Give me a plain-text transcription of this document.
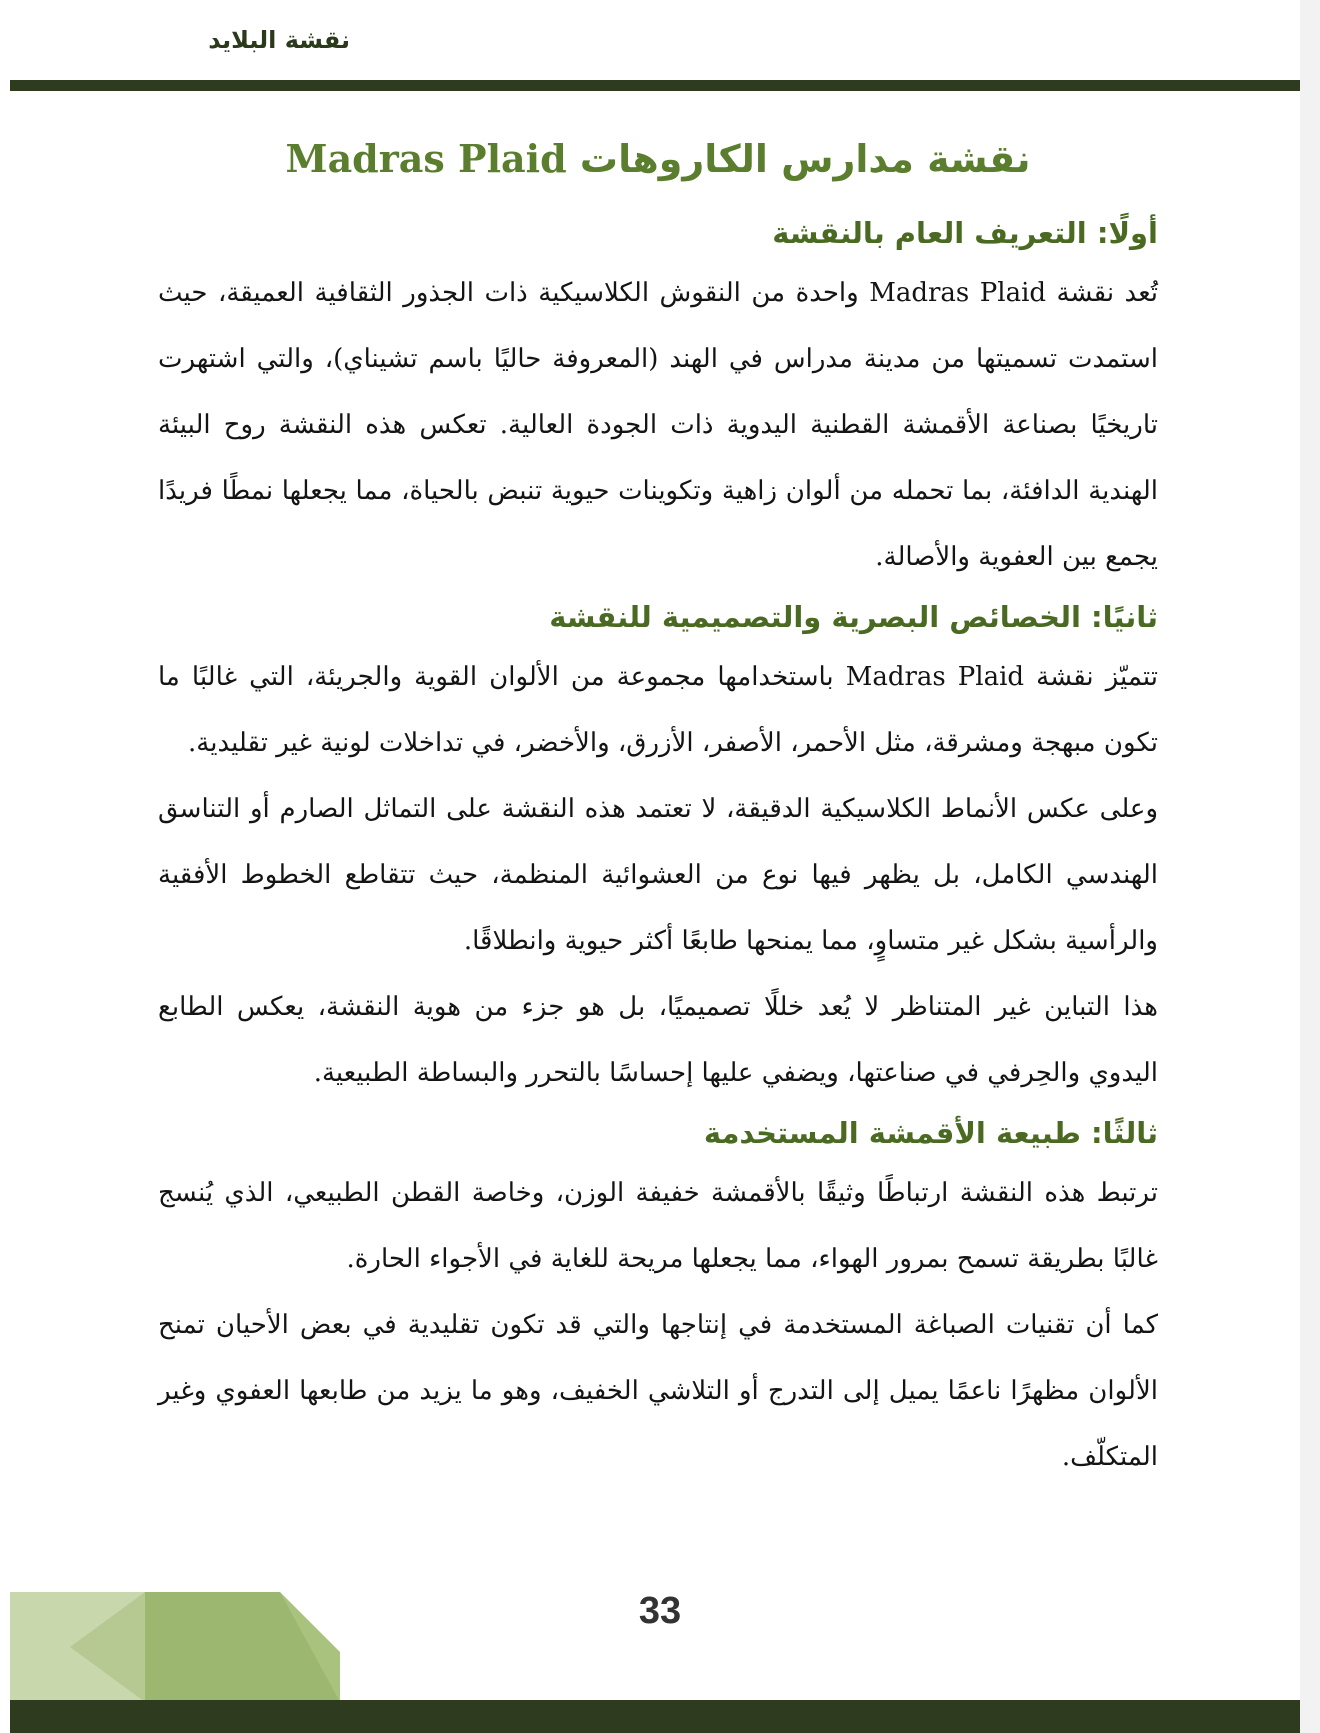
نقشة البلايد
نقشة مدارس الكاروهات Madras Plaid
أولًا: التعريف العام بالنقشة

تُعد نقشة Madras Plaid واحدة من النقوش الكلاسيكية ذات الجذور الثقافية العميقة، حيث استمدت تسميتها من مدينة مدراس في الهند (المعروفة حاليًا باسم تشيناي)، والتي اشتهرت تاريخيًا بصناعة الأقمشة القطنية اليدوية ذات الجودة العالية. تعكس هذه النقشة روح البيئة الهندية الدافئة، بما تحمله من ألوان زاهية وتكوينات حيوية تنبض بالحياة، مما يجعلها نمطًا فريدًا يجمع بين العفوية والأصالة.

ثانيًا: الخصائص البصرية والتصميمية للنقشة

تتميّز نقشة Madras Plaid باستخدامها مجموعة من الألوان القوية والجريئة، التي غالبًا ما تكون مبهجة ومشرقة، مثل الأحمر، الأصفر، الأزرق، والأخضر، في تداخلات لونية غير تقليدية.

وعلى عكس الأنماط الكلاسيكية الدقيقة، لا تعتمد هذه النقشة على التماثل الصارم أو التناسق الهندسي الكامل، بل يظهر فيها نوع من العشوائية المنظمة، حيث تتقاطع الخطوط الأفقية والرأسية بشكل غير متساوٍ، مما يمنحها طابعًا أكثر حيوية وانطلاقًا.

هذا التباين غير المتناظر لا يُعد خللًا تصميميًا، بل هو جزء من هوية النقشة، يعكس الطابع اليدوي والحِرفي في صناعتها، ويضفي عليها إحساسًا بالتحرر والبساطة الطبيعية.

ثالثًا: طبيعة الأقمشة المستخدمة

ترتبط هذه النقشة ارتباطًا وثيقًا بالأقمشة خفيفة الوزن، وخاصة القطن الطبيعي، الذي يُنسج غالبًا بطريقة تسمح بمرور الهواء، مما يجعلها مريحة للغاية في الأجواء الحارة.

كما أن تقنيات الصباغة المستخدمة في إنتاجها والتي قد تكون تقليدية في بعض الأحيان تمنح الألوان مظهرًا ناعمًا يميل إلى التدرج أو التلاشي الخفيف، وهو ما يزيد من طابعها العفوي وغير المتكلّف.

33
